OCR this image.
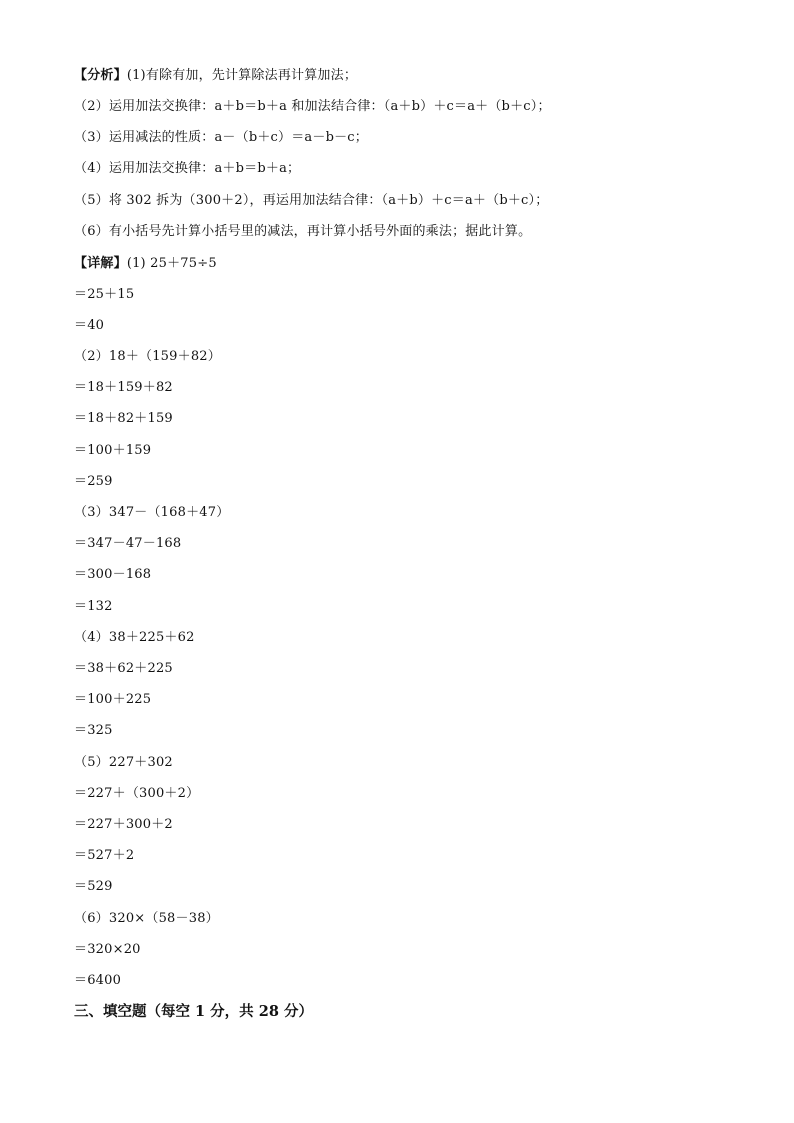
【分析】(1)有除有加，先计算除法再计算加法；
（2）运用加法交换律：a＋b＝b＋a 和加法结合律：（a＋b）＋c＝a＋（b＋c）；
（3）运用减法的性质：a－（b＋c）＝a－b－c；
（4）运用加法交换律：a＋b＝b＋a；
（5）将 302 拆为（300＋2），再运用加法结合律：（a＋b）＋c＝a＋（b＋c）；
（6）有小括号先计算小括号里的减法，再计算小括号外面的乘法；据此计算。
【详解】(1) 25＋75÷5
＝25＋15
＝40
（2）18＋（159＋82）
＝18＋159＋82
＝18＋82＋159
＝100＋159
＝259
（3）347－（168＋47）
＝347－47－168
＝300－168
＝132
（4）38＋225＋62
＝38＋62＋225
＝100＋225
＝325
（5）227＋302
＝227＋（300＋2）
＝227＋300＋2
＝527＋2
＝529
（6）320×（58－38）
＝320×20
＝6400
三、填空题（每空 1 分，共 28 分）
